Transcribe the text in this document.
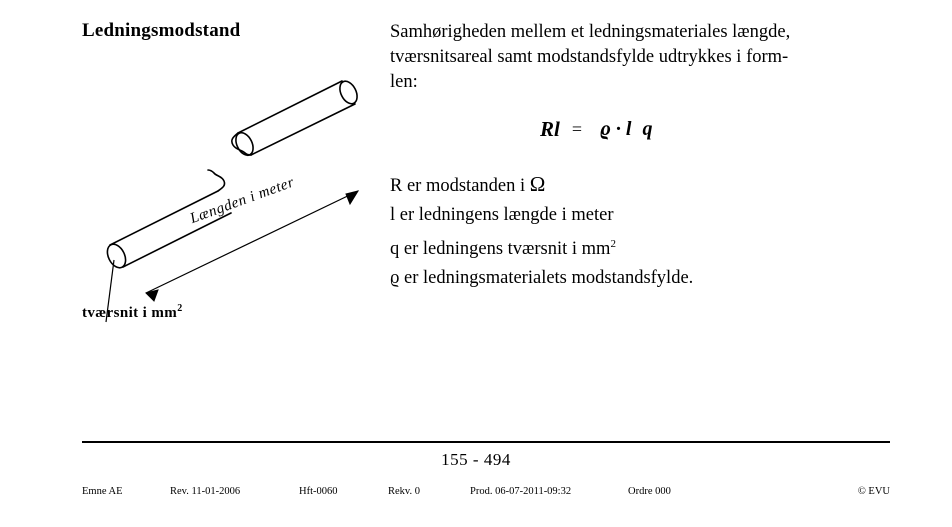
Ledningsmodstand
Længden i meter
tværsnit i $mm^2$
Samhørigheden mellem et ledningsmateriales længde,
tværsnitsareal samt modstandsfylde udtrykkes i form-
len:
Rl = ϱ · l q
R er modstanden i Ω
l er ledningens længde i meter
q er ledningens tværsnit i $mm^2$
ϱ er ledningsmaterialets modstandsfylde.
155 - 494
Emne AE	Rev. 11-01-2006	Hft-0060	Rekv. 0	Prod. 06-07-2011-09:32	Ordre 000	© EVU
